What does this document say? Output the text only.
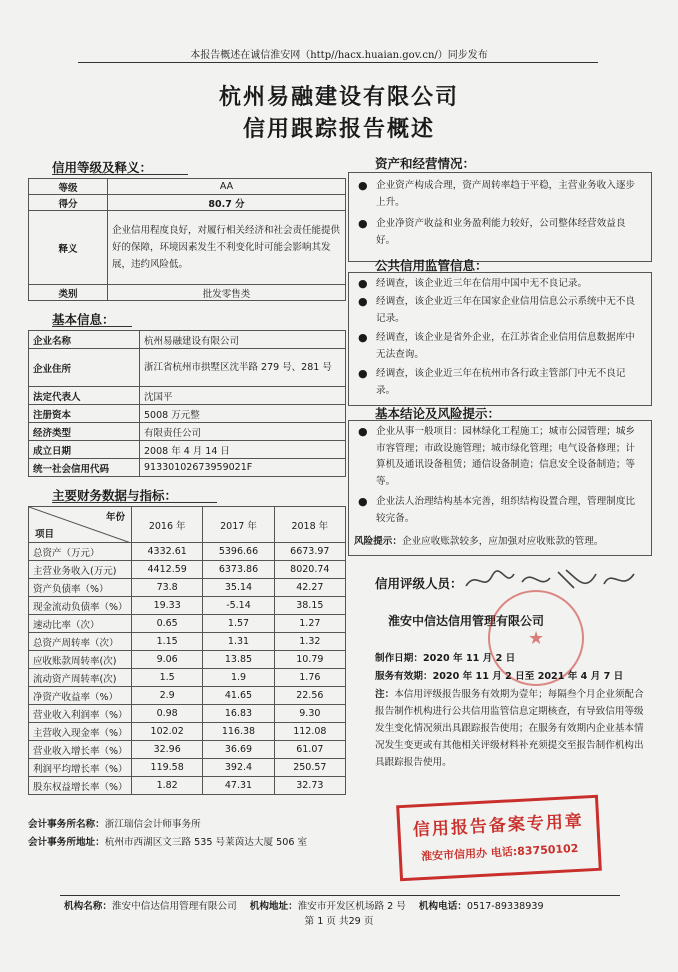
本报告概述在诚信淮安网（http//hacx.huaian.gov.cn/）同步发布
杭州易融建设有限公司
信用跟踪报告概述
信用等级及释义：
等级	AA
得分	80.7 分
释义	企业信用程度良好，对履行相关经济和社会责任能提供好的保障，环境因素发生不利变化时可能会影响其发展，违约风险低。
类别	批发零售类
基本信息：
企业名称	杭州易融建设有限公司
企业住所	浙江省杭州市拱墅区沈半路 279 号、281 号
法定代表人	沈国平
注册资本	5008 万元整
经济类型	有限责任公司
成立日期	2008 年 4 月 14 日
统一社会信用代码	91330102673959021F
主要财务数据与指标：
年份
项目	2016 年	2017 年	2018 年
总资产（万元）	4332.61	5396.66	6673.97
主营业务收入(万元)	4412.59	6373.86	8020.74
资产负债率（%）	73.8	35.14	42.27
现金流动负债率（%）	19.33	-5.14	38.15
速动比率（次）	0.65	1.57	1.27
总资产周转率（次）	1.15	1.31	1.32
应收账款周转率(次)	9.06	13.85	10.79
流动资产周转率(次)	1.5	1.9	1.76
净资产收益率（%）	2.9	41.65	22.56
营业收入利润率（%）	0.98	16.83	9.30
主营收入现金率（%）	102.02	116.38	112.08
营业收入增长率（%）	32.96	36.69	61.07
利润平均增长率（%）	119.58	392.4	250.57
股东权益增长率（%）	1.82	47.31	32.73
会计事务所名称：浙江瑞信会计师事务所
会计事务所地址：杭州市西湖区文三路 535 号莱茵达大厦 506 室
资产和经营情况：
● 企业资产构成合理，资产周转率趋于平稳，主营业务收入逐步上升。
● 企业净资产收益和业务盈利能力较好，公司整体经营效益良好。
公共信用监管信息：
● 经调查，该企业近三年在信用中国中无不良记录。
● 经调查，该企业近三年在国家企业信用信息公示系统中无不良记录。
● 经调查，该企业是省外企业，在江苏省企业信用信息数据库中无法查询。
● 经调查，该企业近三年在杭州市各行政主管部门中无不良记录。
基本结论及风险提示：
● 企业从事一般项目：园林绿化工程施工；城市公园管理；城乡市容管理；市政设施管理；城市绿化管理；电气设备修理；计算机及通讯设备租赁；通信设备制造；信息安全设备制造；等等。
● 企业法人治理结构基本完善，组织结构设置合理，管理制度比较完备。
风险提示：企业应收账款较多，应加强对应收账款的管理。
信用评级人员：
淮安中信达信用管理有限公司
★
制作日期：2020 年 11 月 2 日
服务有效期：2020 年 11 月 2 日至 2021 年 4 月 7 日
注：本信用评级报告服务有效期为壹年；每隔叁个月企业须配合报告制作机构进行公共信用监管信息定期核查，有导致信用等级发生变化情况须出具跟踪报告使用；在服务有效期内企业基本情况发生变更或有其他相关评级材料补充须提交至报告制作机构出具跟踪报告使用。
信用报告备案专用章
淮安市信用办 电话:83750102
机构名称：淮安中信达信用管理有限公司 机构地址：淮安市开发区机场路 2 号 机构电话：0517-89338939
第 1 页 共29 页
